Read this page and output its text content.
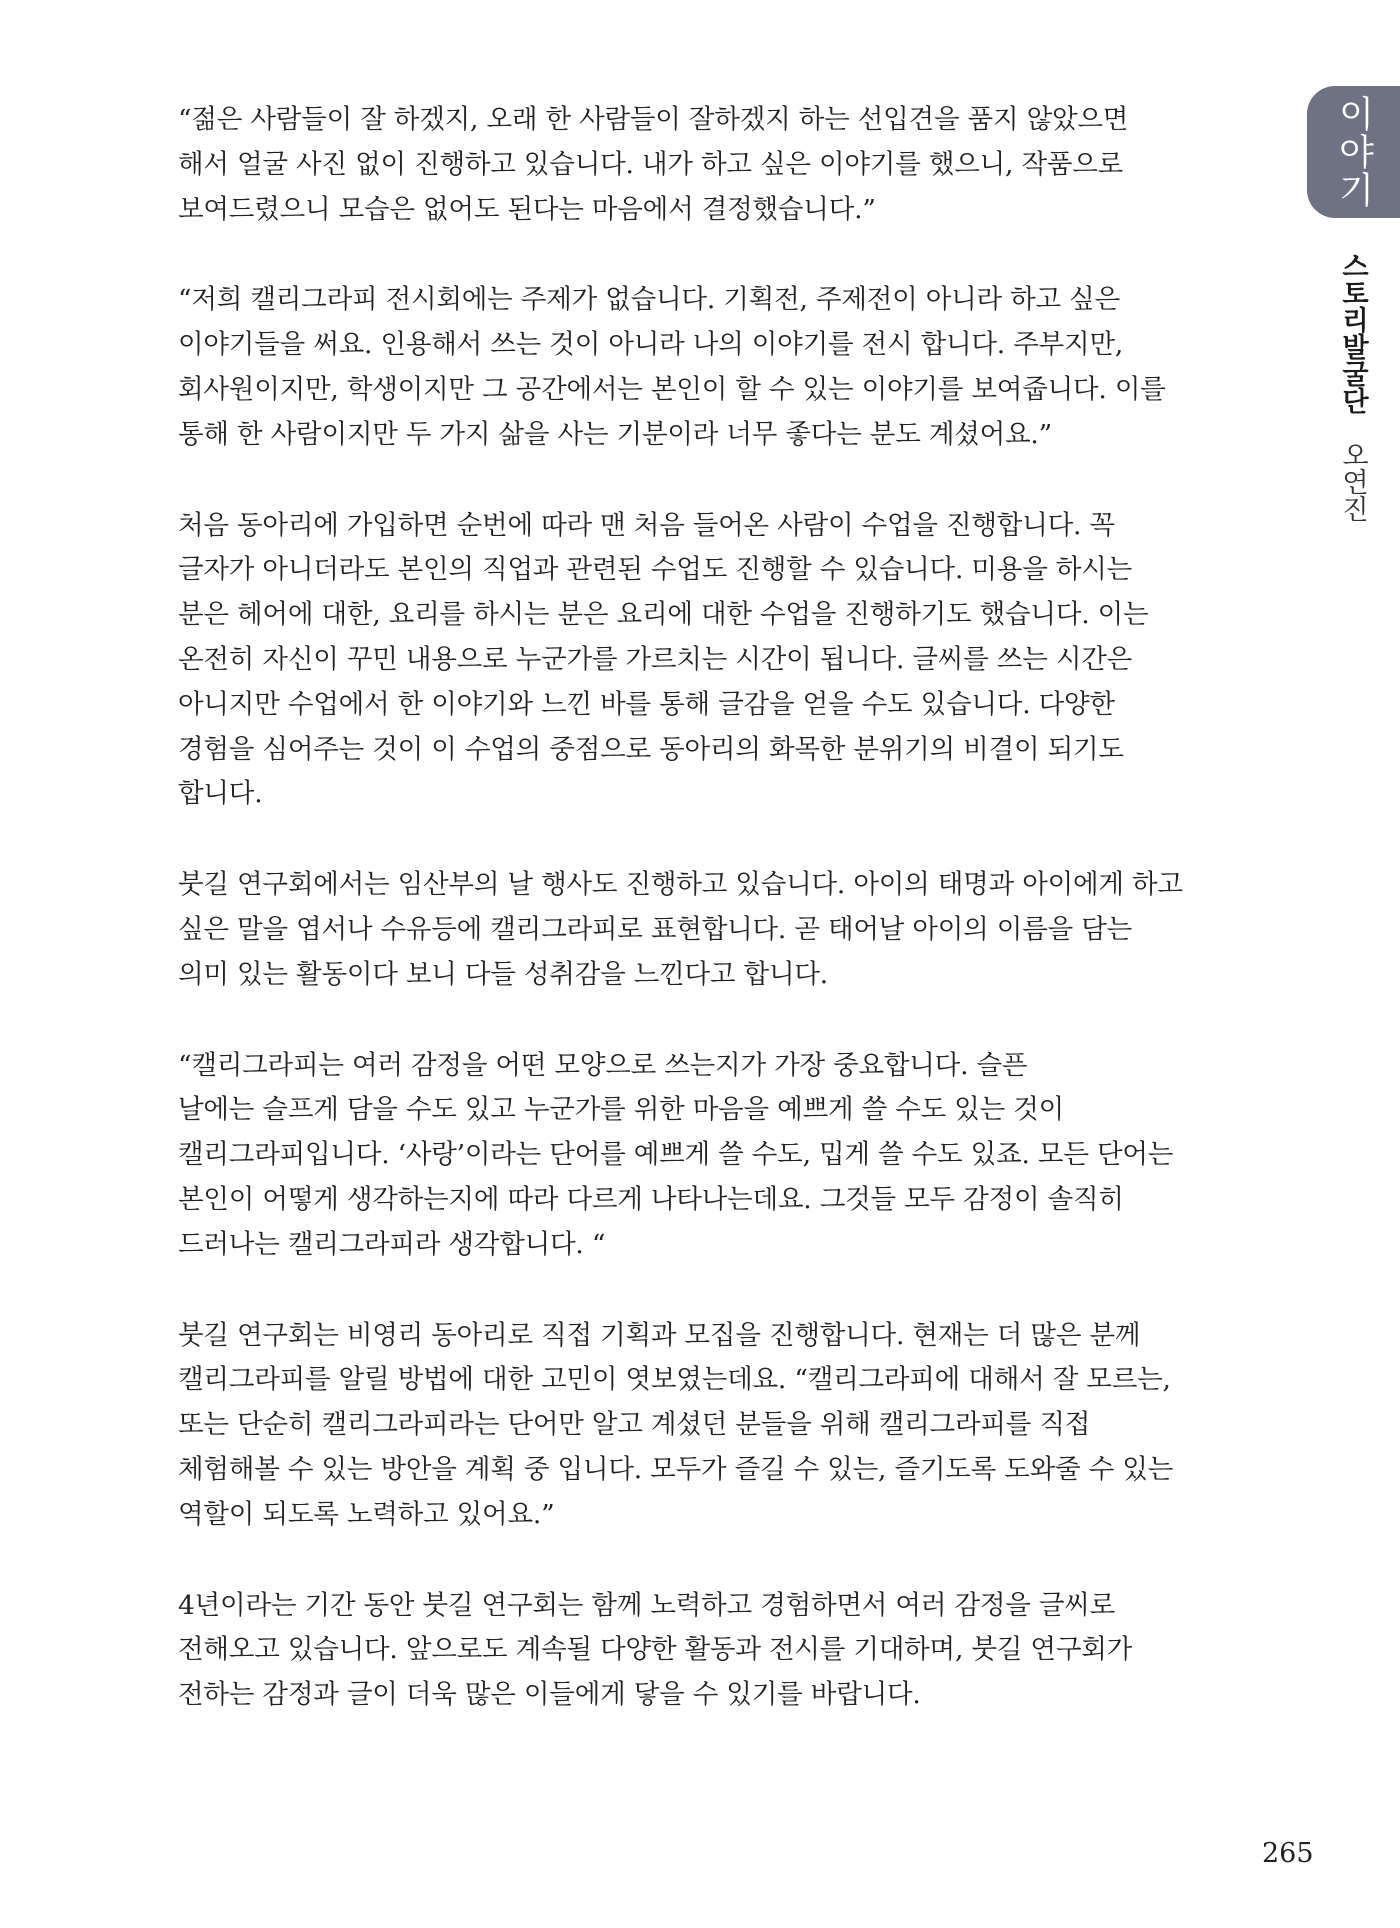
“젊은 사람들이 잘 하겠지, 오래 한 사람들이 잘하겠지 하는 선입견을 품지 않았으면
해서 얼굴 사진 없이 진행하고 있습니다. 내가 하고 싶은 이야기를 했으니, 작품으로
보여드렸으니 모습은 없어도 된다는 마음에서 결정했습니다.”

“저희 캘리그라피 전시회에는 주제가 없습니다. 기획전, 주제전이 아니라 하고 싶은
이야기들을 써요. 인용해서 쓰는 것이 아니라 나의 이야기를 전시 합니다. 주부지만,
회사원이지만, 학생이지만 그 공간에서는 본인이 할 수 있는 이야기를 보여줍니다. 이를
통해 한 사람이지만 두 가지 삶을 사는 기분이라 너무 좋다는 분도 계셨어요.”

처음 동아리에 가입하면 순번에 따라 맨 처음 들어온 사람이 수업을 진행합니다. 꼭
글자가 아니더라도 본인의 직업과 관련된 수업도 진행할 수 있습니다. 미용을 하시는
분은 헤어에 대한, 요리를 하시는 분은 요리에 대한 수업을 진행하기도 했습니다. 이는
온전히 자신이 꾸민 내용으로 누군가를 가르치는 시간이 됩니다. 글씨를 쓰는 시간은
아니지만 수업에서 한 이야기와 느낀 바를 통해 글감을 얻을 수도 있습니다. 다양한
경험을 심어주는 것이 이 수업의 중점으로 동아리의 화목한 분위기의 비결이 되기도
합니다.

붓길 연구회에서는 임산부의 날 행사도 진행하고 있습니다. 아이의 태명과 아이에게 하고
싶은 말을 엽서나 수유등에 캘리그라피로 표현합니다. 곧 태어날 아이의 이름을 담는
의미 있는 활동이다 보니 다들 성취감을 느낀다고 합니다.

“캘리그라피는 여러 감정을 어떤 모양으로 쓰는지가 가장 중요합니다. 슬픈
날에는 슬프게 담을 수도 있고 누군가를 위한 마음을 예쁘게 쓸 수도 있는 것이
캘리그라피입니다. ‘사랑’이라는 단어를 예쁘게 쓸 수도, 밉게 쓸 수도 있죠. 모든 단어는
본인이 어떻게 생각하는지에 따라 다르게 나타나는데요. 그것들 모두 감정이 솔직히
드러나는 캘리그라피라 생각합니다. “

붓길 연구회는 비영리 동아리로 직접 기획과 모집을 진행합니다. 현재는 더 많은 분께
캘리그라피를 알릴 방법에 대한 고민이 엿보였는데요. “캘리그라피에 대해서 잘 모르는,
또는 단순히 캘리그라피라는 단어만 알고 계셨던 분들을 위해 캘리그라피를 직접
체험해볼 수 있는 방안을 계획 중 입니다. 모두가 즐길 수 있는, 즐기도록 도와줄 수 있는
역할이 되도록 노력하고 있어요.”

4년이라는 기간 동안 붓길 연구회는 함께 노력하고 경험하면서 여러 감정을 글씨로
전해오고 있습니다. 앞으로도 계속될 다양한 활동과 전시를 기대하며, 붓길 연구회가
전하는 감정과 글이 더욱 많은 이들에게 닿을 수 있기를 바랍니다.

이야기
스토리발굴단 오연진
265
